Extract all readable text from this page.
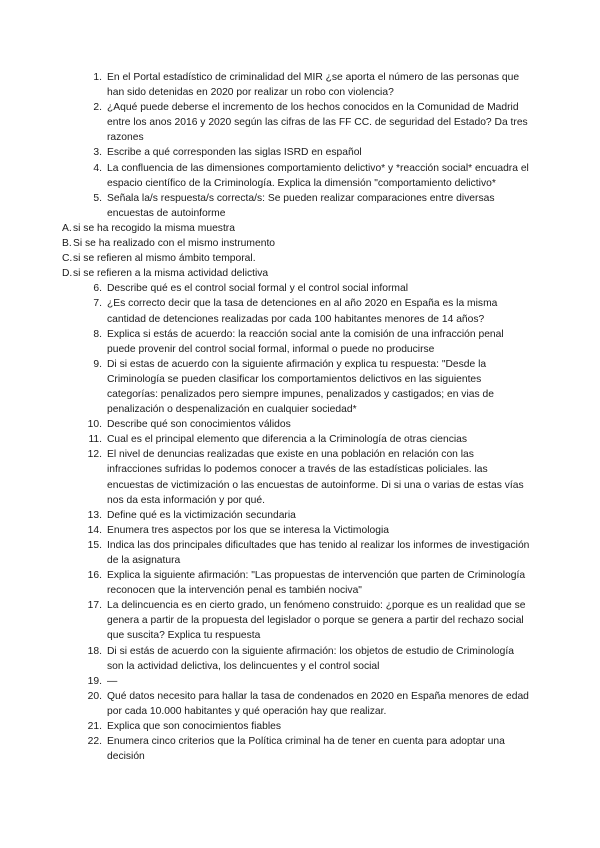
1. En el Portal estadístico de criminalidad del MIR ¿se aporta el número de las personas que han sido detenidas en 2020 por realizar un robo con violencia?
2. ¿Aqué puede deberse el incremento de los hechos conocidos en la Comunidad de Madrid entre los anos 2016 y 2020 según las cifras de las FF CC. de seguridad del Estado? Da tres razones
3. Escribe a qué corresponden las siglas ISRD en español
4. La confluencia de las dimensiones comportamiento delictivo* y *reacción social* encuadra el espacio científico de la Criminología. Explica la dimensión "comportamiento delictivo*
5. Señala la/s respuesta/s correcta/s: Se pueden realizar comparaciones entre diversas encuestas de autoinforme
A. si se ha recogido la misma muestra
B. Si se ha realizado con el mismo instrumento
C. si se refieren al mismo ámbito temporal.
D. si se refieren a la misma actividad delictiva
6. Describe qué es el control social formal y el control social informal
7. ¿Es correcto decir que la tasa de detenciones en al año 2020 en España es la misma cantidad de detenciones realizadas por cada 100 habitantes menores de 14 años?
8. Explica si estás de acuerdo: la reacción social ante la comisión de una infracción penal puede provenir del control social formal, informal o puede no producirse
9. Di si estas de acuerdo con la siguiente afirmación y explica tu respuesta: "Desde la Criminología se pueden clasificar los comportamientos delictivos en las siguientes categorías: penalizados pero siempre impunes, penalizados y castigados; en vias de penalización o despenalización en cualquier sociedad*
10. Describe qué son conocimientos válidos
11. Cual es el principal elemento que diferencia a la Criminología de otras ciencias
12. El nivel de denuncias realizadas que existe en una población en relación con las infracciones sufridas lo podemos conocer a través de las estadísticas policiales. las encuestas de victimización o las encuestas de autoinforme. Di si una o varias de estas vías nos da esta información y por qué.
13. Define qué es la victimización secundaria
14. Enumera tres aspectos por los que se interesa la Victimologia
15. Indica las dos principales dificultades que has tenido al realizar los informes de investigación de la asignatura
16. Explica la siguiente afirmación: "Las propuestas de intervención que parten de Criminología reconocen que la intervención penal es también nociva"
17. La delincuencia es en cierto grado, un fenómeno construido: ¿porque es un realidad que se genera a partir de la propuesta del legislador o porque se genera a partir del rechazo social que suscita? Explica tu respuesta
18. Di si estás de acuerdo con la siguiente afirmación: los objetos de estudio de Criminología son la actividad delictiva, los delincuentes y el control social
19. —
20. Qué datos necesito para hallar la tasa de condenados en 2020 en España menores de edad por cada 10.000 habitantes y qué operación hay que realizar.
21. Explica que son conocimientos fiables
22. Enumera cinco criterios que la Política criminal ha de tener en cuenta para adoptar una decisión
